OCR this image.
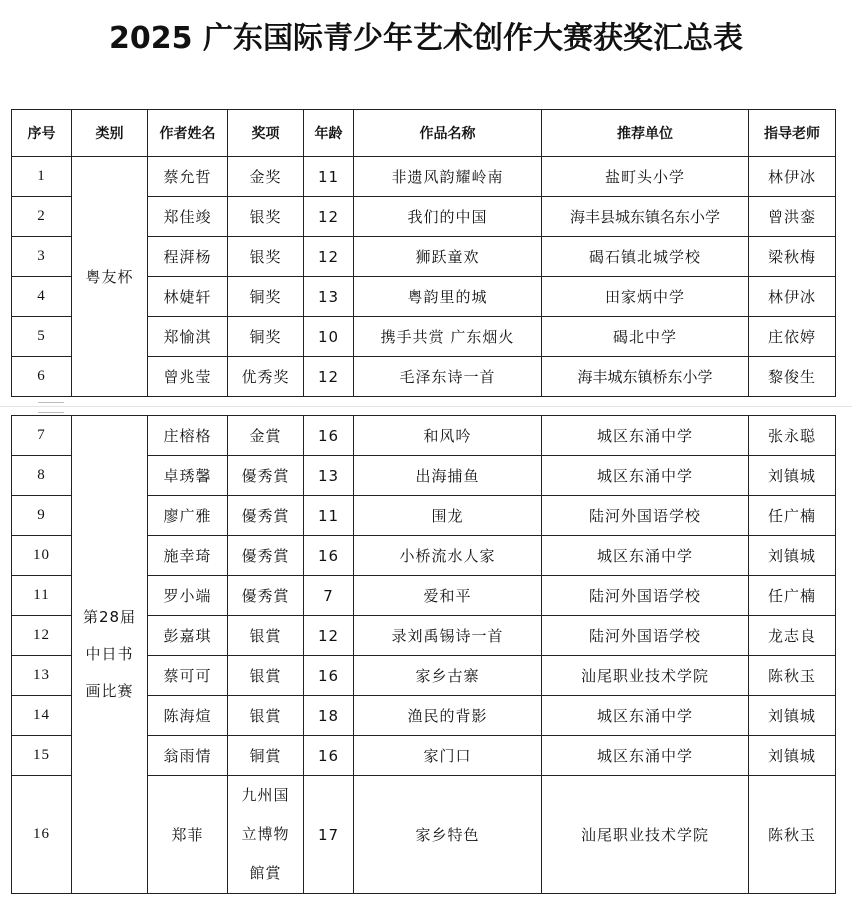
2025 广东国际青少年艺术创作大赛获奖汇总表
序号	类别	作者姓名	奖项	年龄	作品名称	推荐单位	指导老师
1	粤友杯	蔡允哲	金奖	11	非遗风韵耀岭南	盐町头小学	林伊冰
2		郑佳竣	银奖	12	我们的中国	海丰县城东镇名东小学	曾洪銮
3		程湃杨	银奖	12	狮跃童欢	碣石镇北城学校	梁秋梅
4		林婕轩	铜奖	13	粤韵里的城	田家炳中学	林伊冰
5		郑愉淇	铜奖	10	携手共赏 广东烟火	碣北中学	庄依婷
6		曾兆莹	优秀奖	12	毛泽东诗一首	海丰城东镇桥东小学	黎俊生
7	第28届
中日书
画比赛	庄榕格	金賞	16	和风吟	城区东涌中学	张永聪
8		卓琇馨	優秀賞	13	出海捕鱼	城区东涌中学	刘镇城
9		廖广雅	優秀賞	11	围龙	陆河外国语学校	任广楠
10		施幸琦	優秀賞	16	小桥流水人家	城区东涌中学	刘镇城
11		罗小端	優秀賞	7	爱和平	陆河外国语学校	任广楠
12		彭嘉琪	银賞	12	录刘禹锡诗一首	陆河外国语学校	龙志良
13		蔡可可	银賞	16	家乡古寨	汕尾职业技术学院	陈秋玉
14		陈海煊	银賞	18	渔民的背影	城区东涌中学	刘镇城
15		翁雨情	铜賞	16	家门口	城区东涌中学	刘镇城
16		郑菲	九州国
立博物
館賞	17	家乡特色	汕尾职业技术学院	陈秋玉
